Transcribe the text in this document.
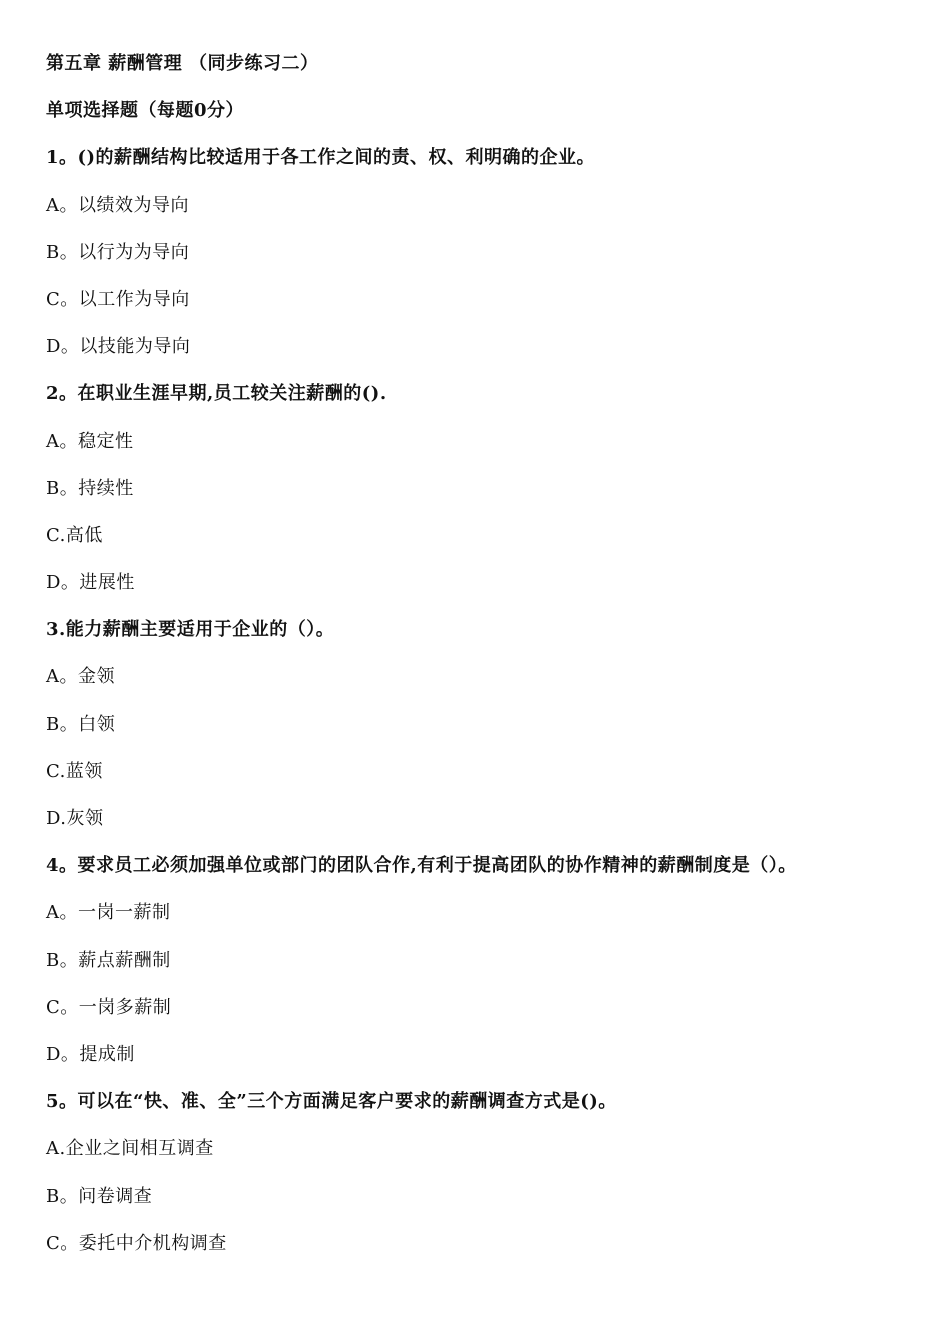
第五章 薪酬管理 （同步练习二）
单项选择题（每题0分）
1。()的薪酬结构比较适用于各工作之间的责、权、利明确的企业。
A。以绩效为导向
B。以行为为导向
C。以工作为导向
D。以技能为导向
2。在职业生涯早期,员工较关注薪酬的().
A。稳定性
B。持续性
C.高低
D。进展性
3.能力薪酬主要适用于企业的（）。
A。金领
B。白领
C.蓝领
D.灰领
4。要求员工必须加强单位或部门的团队合作,有利于提高团队的协作精神的薪酬制度是（）。
A。一岗一薪制
B。薪点薪酬制
C。一岗多薪制
D。提成制
5。可以在“快、准、全”三个方面满足客户要求的薪酬调查方式是()。
A.企业之间相互调查
B。问卷调查
C。委托中介机构调查
